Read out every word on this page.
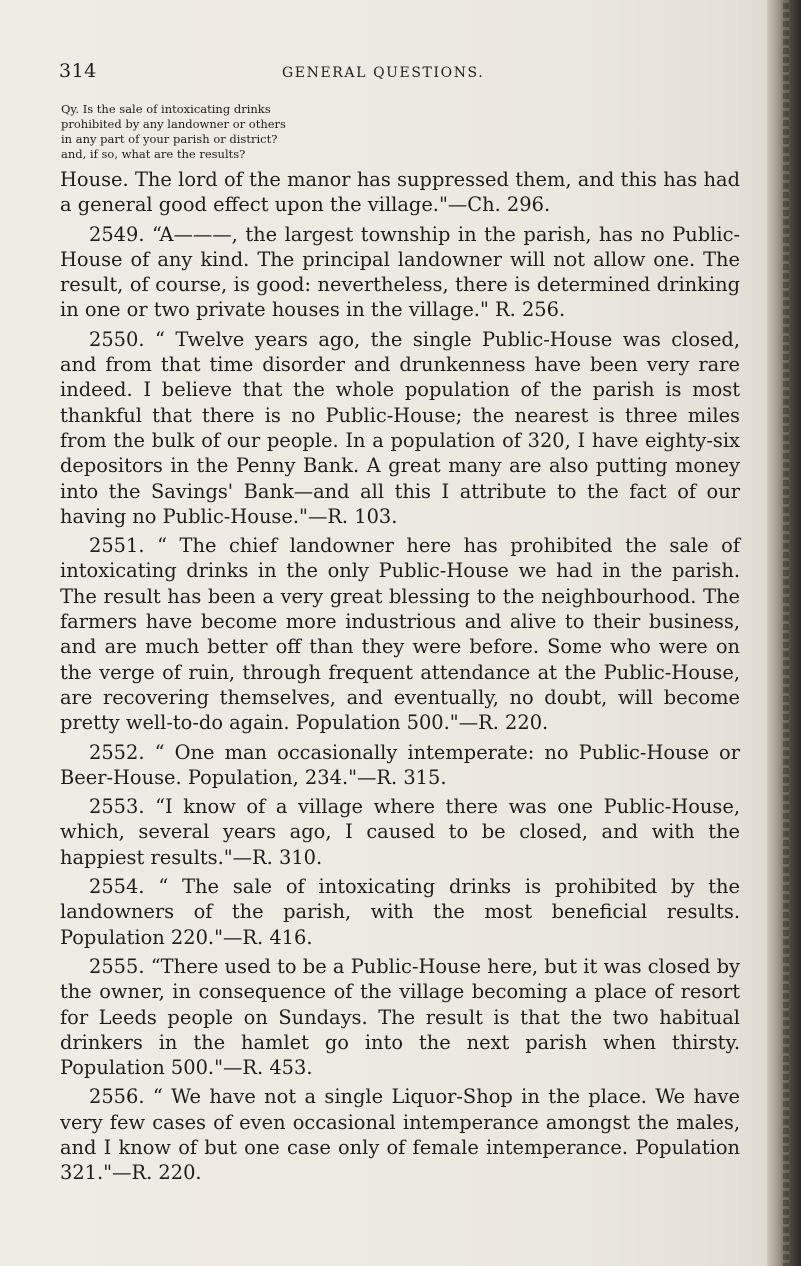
314	GENERAL QUESTIONS.
Qy. Is the sale of intoxicating drinks prohibited by any landowner or others in any part of your parish or district? and, if so, what are the results?

House. The lord of the manor has suppressed them, and this has had a general good effect upon the village."—Ch. 296.

2549. “A———, the largest township in the parish, has no Public-House of any kind. The principal landowner will not allow one. The result, of course, is good: nevertheless, there is determined drinking in one or two private houses in the village." R. 256.

2550. “ Twelve years ago, the single Public-House was closed, and from that time disorder and drunkenness have been very rare indeed. I believe that the whole population of the parish is most thankful that there is no Public-House; the nearest is three miles from the bulk of our people. In a population of 320, I have eighty-six depositors in the Penny Bank. A great many are also putting money into the Savings' Bank—and all this I attribute to the fact of our having no Public-House."—R. 103.

2551. “ The chief landowner here has prohibited the sale of intoxicating drinks in the only Public-House we had in the parish. The result has been a very great blessing to the neighbourhood. The farmers have become more industrious and alive to their business, and are much better off than they were before. Some who were on the verge of ruin, through frequent attendance at the Public-House, are recovering themselves, and eventually, no doubt, will become pretty well-to-do again. Population 500."—R. 220.

2552. “ One man occasionally intemperate: no Public-House or Beer-House. Population, 234."—R. 315.

2553. “I know of a village where there was one Public-House, which, several years ago, I caused to be closed, and with the happiest results."—R. 310.

2554. “ The sale of intoxicating drinks is prohibited by the landowners of the parish, with the most beneficial results. Population 220."—R. 416.

2555. “There used to be a Public-House here, but it was closed by the owner, in consequence of the village becoming a place of resort for Leeds people on Sundays. The result is that the two habitual drinkers in the hamlet go into the next parish when thirsty. Population 500."—R. 453.

2556. “ We have not a single Liquor-Shop in the place. We have very few cases of even occasional intemperance amongst the males, and I know of but one case only of female intemperance. Population 321."—R. 220.
